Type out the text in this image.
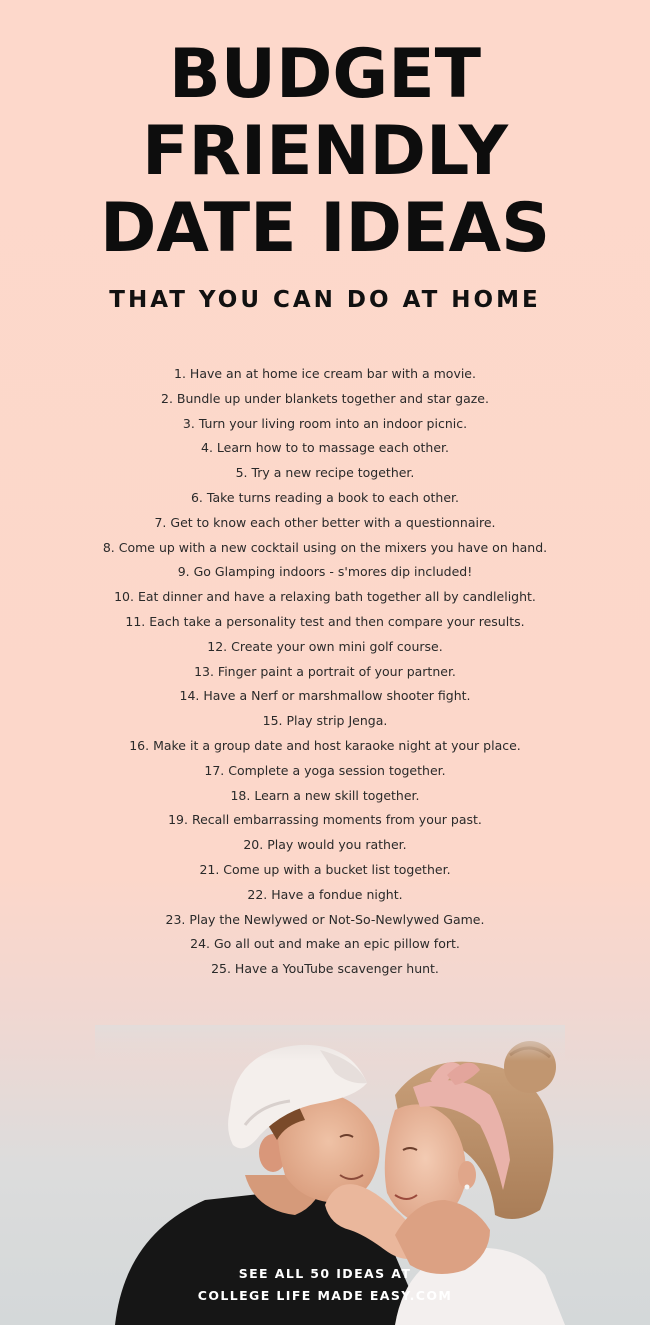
BUDGET
FRIENDLY
DATE IDEAS
THAT YOU CAN DO AT HOME
1. Have an at home ice cream bar with a movie.
2. Bundle up under blankets together and star gaze.
3. Turn your living room into an indoor picnic.
4. Learn how to to massage each other.
5. Try a new recipe together.
6. Take turns reading a book to each other.
7. Get to know each other better with a questionnaire.
8. Come up with a new cocktail using on the mixers you have on hand.
9. Go Glamping indoors - s'mores dip included!
10. Eat dinner and have a relaxing bath together all by candlelight.
11. Each take a personality test and then compare your results.
12. Create your own mini golf course.
13. Finger paint a portrait of your partner.
14. Have a Nerf or marshmallow shooter fight.
15. Play strip Jenga.
16. Make it a group date and host karaoke night at your place.
17. Complete a yoga session together.
18. Learn a new skill together.
19. Recall embarrassing moments from your past.
20. Play would you rather.
21. Come up with a bucket list together.
22. Have a fondue night.
23. Play the Newlywed or Not-So-Newlywed Game.
24. Go all out and make an epic pillow fort.
25. Have a YouTube scavenger hunt.
SEE ALL 50 IDEAS AT
COLLEGE LIFE MADE EASY.COM
